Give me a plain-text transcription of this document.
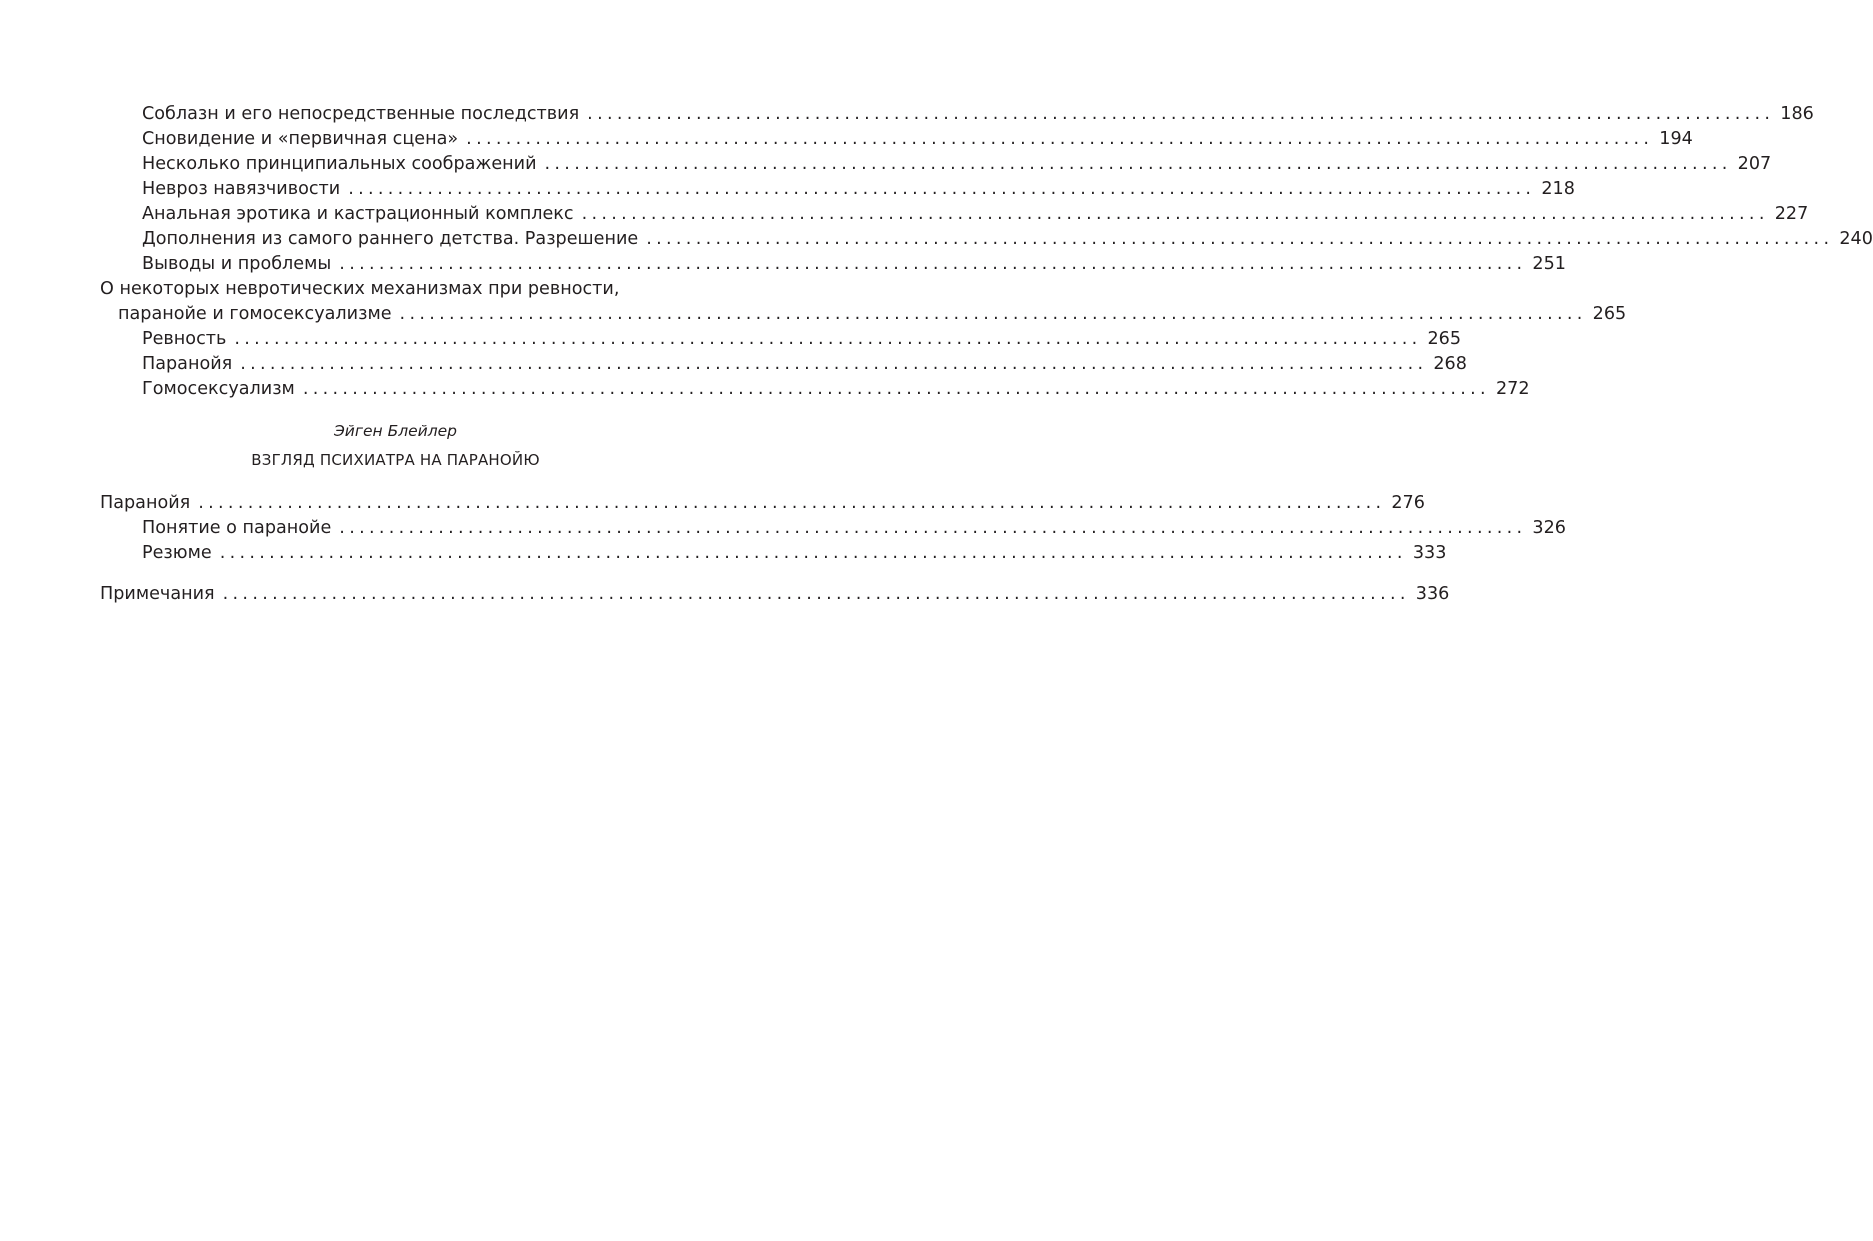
Соблазн и его непосредственные последствия ........................................................................................................................ 186
Сновидение и «первичная сцена» ........................................................................................................................ 194
Несколько принципиальных соображений ........................................................................................................................ 207
Невроз навязчивости ........................................................................................................................ 218
Анальная эротика и кастрационный комплекс ........................................................................................................................ 227
Дополнения из самого раннего детства. Разрешение ........................................................................................................................ 240
Выводы и проблемы ........................................................................................................................ 251
О некоторых невротических механизмах при ревности,
паранойе и гомосексуализме ........................................................................................................................ 265
Ревность ........................................................................................................................ 265
Паранойя ........................................................................................................................ 268
Гомосексуализм ........................................................................................................................ 272
Эйген Блейлер
ВЗГЛЯД ПСИХИАТРА НА ПАРАНОЙЮ
Паранойя ........................................................................................................................ 276
Понятие о паранойе ........................................................................................................................ 326
Резюме ........................................................................................................................ 333
Примечания ........................................................................................................................ 336
